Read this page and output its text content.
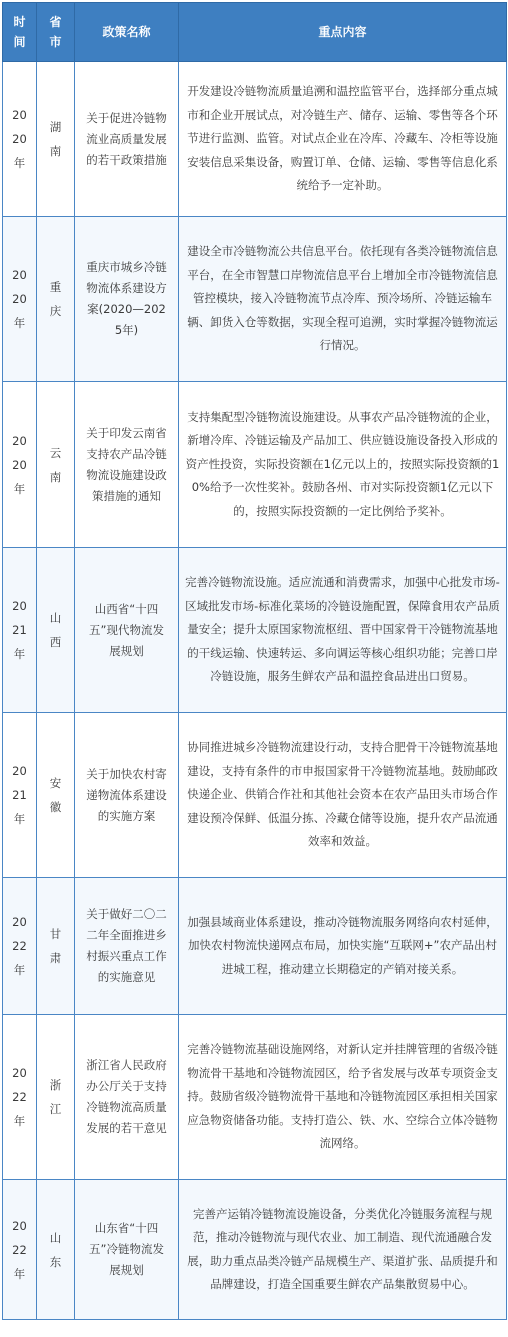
时间	省市	政策名称	重点内容
2020年	湖南	关于促进冷链物流业高质量发展的若干政策措施	开发建设冷链物流质量追溯和温控监管平台，选择部分重点城市和企业开展试点，对冷链生产、储存、运输、零售等各个环节进行监测、监管。对试点企业在冷库、冷藏车、冷柜等设施安装信息采集设备，购置订单、仓储、运输、零售等信息化系统给予一定补助。
2020年	重庆	重庆市城乡冷链物流体系建设方案(2020—2025年)	建设全市冷链物流公共信息平台。依托现有各类冷链物流信息平台，在全市智慧口岸物流信息平台上增加全市冷链物流信息管控模块，接入冷链物流节点冷库、预冷场所、冷链运输车辆、卸货入仓等数据，实现全程可追溯，实时掌握冷链物流运行情况。
2020年	云南	关于印发云南省支持农产品冷链物流设施建设政策措施的通知	支持集配型冷链物流设施建设。从事农产品冷链物流的企业，新增冷库、冷链运输及产品加工、供应链设施设备投入形成的资产性投资，实际投资额在1亿元以上的，按照实际投资额的10%给予一次性奖补。鼓励各州、市对实际投资额1亿元以下的，按照实际投资额的一定比例给予奖补。
2021年	山西	山西省“十四五”现代物流发展规划	完善冷链物流设施。适应流通和消费需求，加强中心批发市场-区域批发市场-标准化菜场的冷链设施配置，保障食用农产品质量安全；提升太原国家物流枢纽、晋中国家骨干冷链物流基地的干线运输、快速转运、多向调运等核心组织功能；完善口岸冷链设施，服务生鲜农产品和温控食品进出口贸易。
2021年	安徽	关于加快农村寄递物流体系建设的实施方案	协同推进城乡冷链物流建设行动，支持合肥骨干冷链物流基地建设，支持有条件的市申报国家骨干冷链物流基地。鼓励邮政快递企业、供销合作社和其他社会资本在农产品田头市场合作建设预冷保鲜、低温分拣、冷藏仓储等设施，提升农产品流通效率和效益。
2022年	甘肃	关于做好二〇二二年全面推进乡村振兴重点工作的实施意见	加强县域商业体系建设，推动冷链物流服务网络向农村延伸，加快农村物流快递网点布局，加快实施“互联网+”农产品出村进城工程，推动建立长期稳定的产销对接关系。
2022年	浙江	浙江省人民政府办公厅关于支持冷链物流高质量发展的若干意见	完善冷链物流基础设施网络，对新认定并挂牌管理的省级冷链物流骨干基地和冷链物流园区，给予省发展与改革专项资金支持。鼓励省级冷链物流骨干基地和冷链物流园区承担相关国家应急物资储备功能。支持打造公、铁、水、空综合立体冷链物流网络。
2022年	山东	山东省“十四五”冷链物流发展规划	完善产运销冷链物流设施设备，分类优化冷链服务流程与规范，推动冷链物流与现代农业、加工制造、现代流通融合发展，助力重点品类冷链产品规模生产、渠道扩张、品质提升和品牌建设，打造全国重要生鲜农产品集散贸易中心。
